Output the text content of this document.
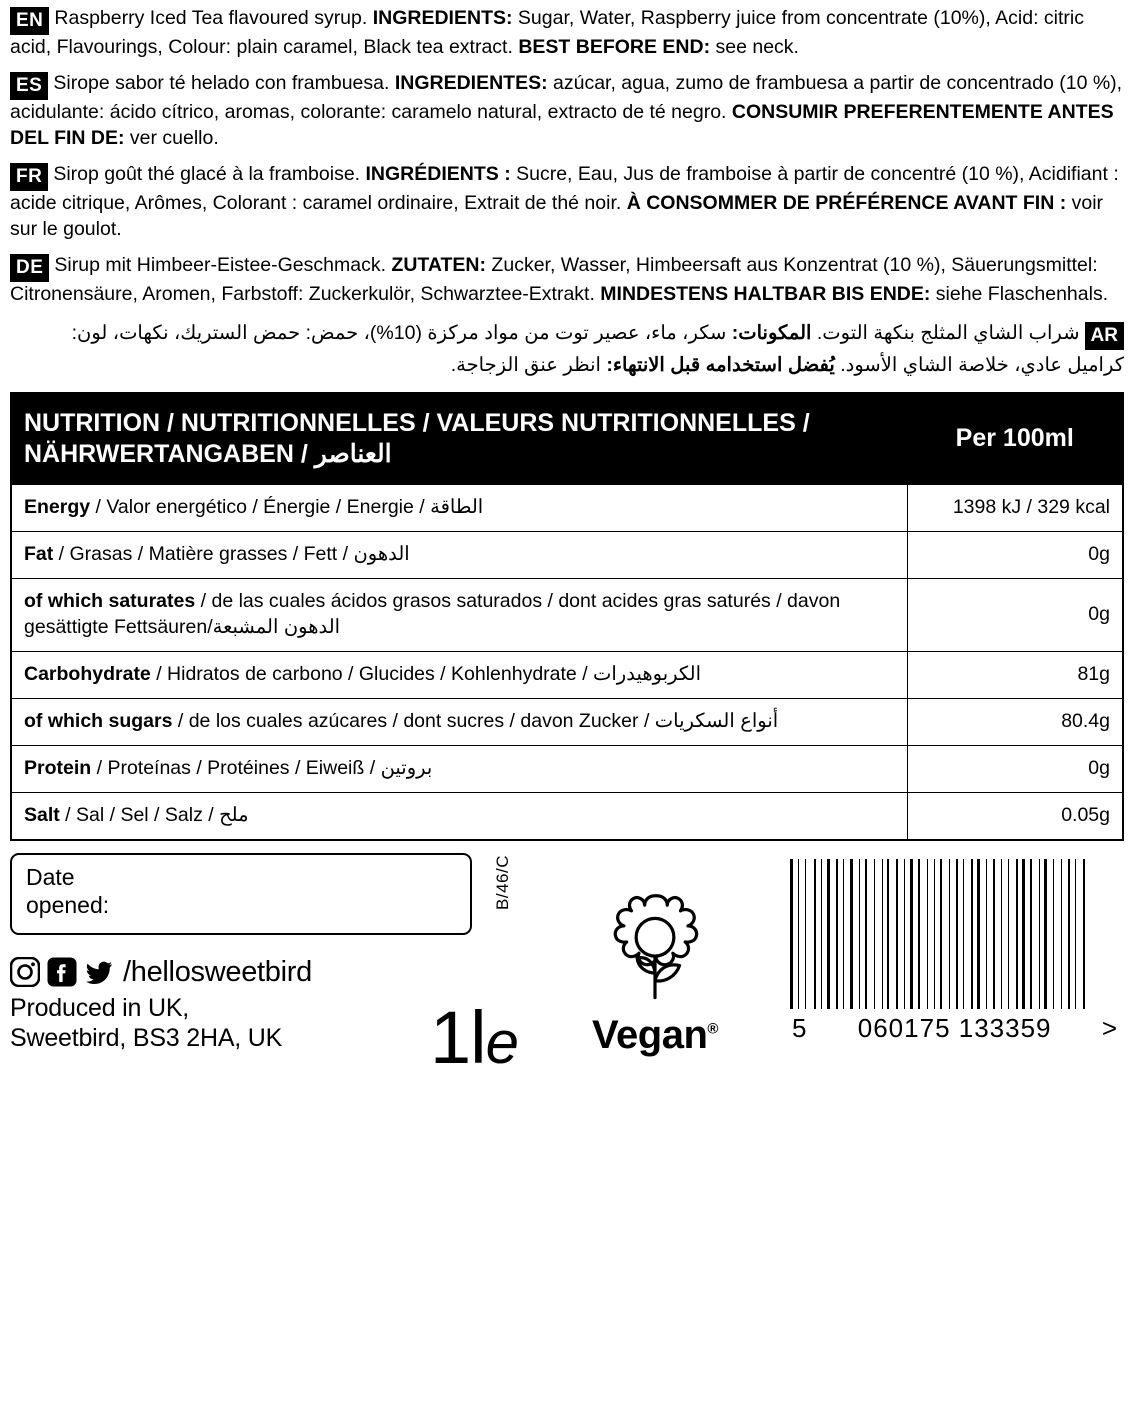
EN Raspberry Iced Tea flavoured syrup. INGREDIENTS: Sugar, Water, Raspberry juice from concentrate (10%), Acid: citric acid, Flavourings, Colour: plain caramel, Black tea extract. BEST BEFORE END: see neck.
ES Sirope sabor té helado con frambuesa. INGREDIENTES: azúcar, agua, zumo de frambuesa a partir de concentrado (10 %), acidulante: ácido cítrico, aromas, colorante: caramelo natural, extracto de té negro. CONSUMIR PREFERENTEMENTE ANTES DEL FIN DE: ver cuello.
FR Sirop goût thé glacé à la framboise. INGRÉDIENTS : Sucre, Eau, Jus de framboise à partir de concentré (10 %), Acidifiant : acide citrique, Arômes, Colorant : caramel ordinaire, Extrait de thé noir. À CONSOMMER DE PRÉFÉRENCE AVANT FIN : voir sur le goulot.
DE Sirup mit Himbeer-Eistee-Geschmack. ZUTATEN: Zucker, Wasser, Himbeersaft aus Konzentrat (10 %), Säuerungsmittel: Citronensäure, Aromen, Farbstoff: Zuckerkulör, Schwarztee-Extrakt. MINDESTENS HALTBAR BIS ENDE: siehe Flaschenhals.
ARشراب الشاي المثلج بنكهة التوت. المكونات: سكر، ماء، عصير توت من مواد مركزة (10%)، حمض: حمض الستريك، نكهات، لون: كراميل عادي، خلاصة الشاي الأسود. يُفضل استخدامه قبل الانتهاء: انظر عنق الزجاجة.
NUTRITION / NUTRITIONNELLES / VALEURS NUTRITIONNELLES / NÄHRWERTANGABEN / العناصر	Per 100ml
Energy / Valor energético / Énergie / Energie / الطاقة	1398 kJ / 329 kcal
Fat / Grasas / Matière grasses / Fett / الدهون	0g
of which saturates / de las cuales ácidos grasos saturados / dont acides gras saturés / davon gesättigte Fettsäuren/الدهون المشبعة	0g
Carbohydrate / Hidratos de carbono / Glucides / Kohlenhydrate / الكربوهيدرات	81g
of which sugars / de los cuales azúcares / dont sucres / davon Zucker / أنواع السكريات	80.4g
Protein / Proteínas / Protéines / Eiweiß / بروتين	0g
Salt / Sal / Sel / Salz / ملح	0.05g
Date
opened:	B/46/C
/hellosweetbird
Produced in UK,
Sweetbird, BS3 2HA, UK 1le	Vegan®	5 060175 133359 >
